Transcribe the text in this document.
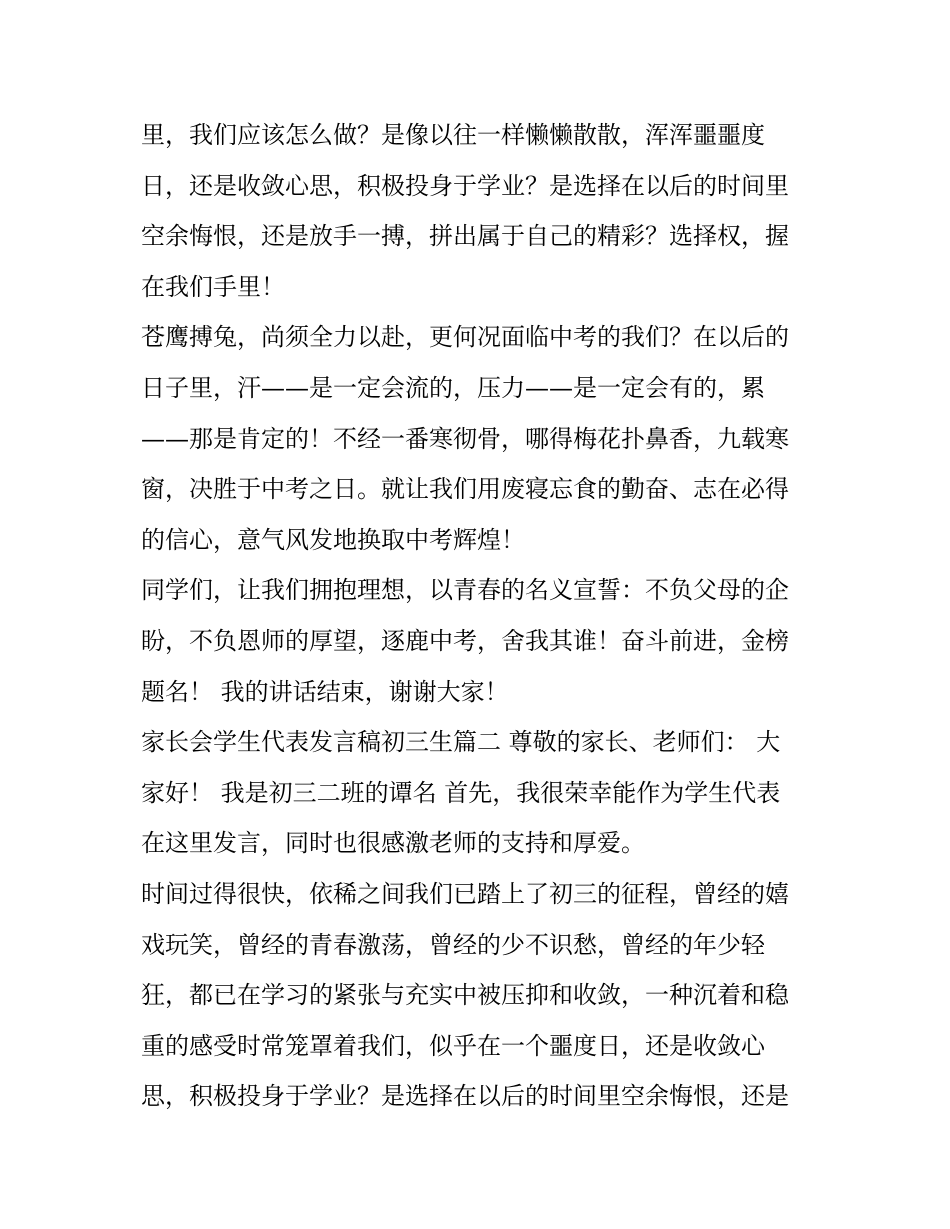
里，我们应该怎么做？是像以往一样懒懒散散，浑浑噩噩度
日，还是收敛心思，积极投身于学业？是选择在以后的时间里
空余悔恨，还是放手一搏，拼出属于自己的精彩？选择权，握
在我们手里！
苍鹰搏兔，尚须全力以赴，更何况面临中考的我们？在以后的
日子里，汗——是一定会流的，压力——是一定会有的，累
——那是肯定的！不经一番寒彻骨，哪得梅花扑鼻香，九载寒
窗，决胜于中考之日。就让我们用废寝忘食的勤奋、志在必得
的信心，意气风发地换取中考辉煌！
同学们，让我们拥抱理想，以青春的名义宣誓：不负父母的企
盼，不负恩师的厚望，逐鹿中考，舍我其谁！奋斗前进，金榜
题名！ 我的讲话结束，谢谢大家！
家长会学生代表发言稿初三生篇二 尊敬的家长、老师们： 大
家好！ 我是初三二班的谭名 首先，我很荣幸能作为学生代表
在这里发言，同时也很感激老师的支持和厚爱。
时间过得很快，依稀之间我们已踏上了初三的征程，曾经的嬉
戏玩笑，曾经的青春激荡，曾经的少不识愁，曾经的年少轻
狂，都已在学习的紧张与充实中被压抑和收敛，一种沉着和稳
重的感受时常笼罩着我们，似乎在一个噩度日，还是收敛心
思，积极投身于学业？是选择在以后的时间里空余悔恨，还是
